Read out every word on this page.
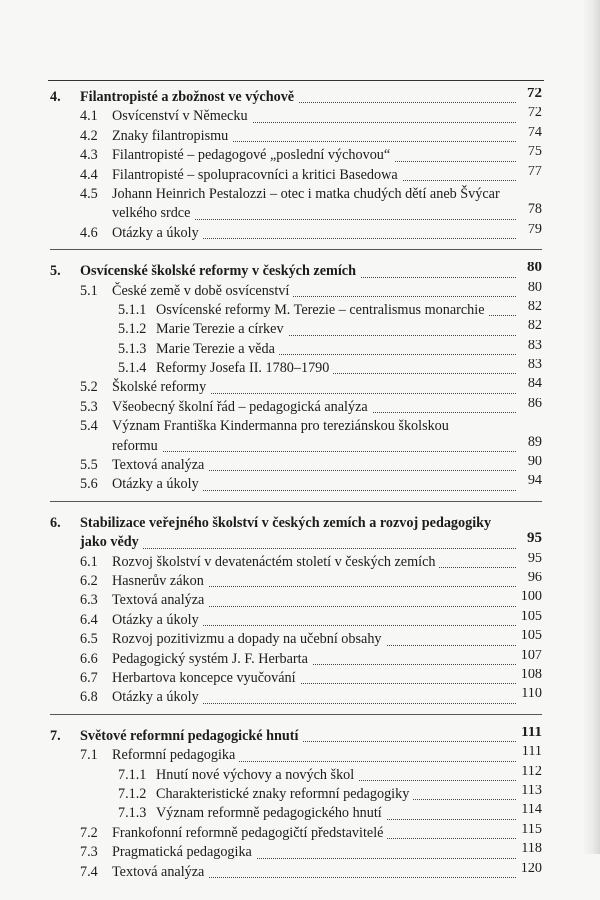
4. Filantropisté a zbožnost ve výchově	72
4.1 Osvícenství v Německu	72
4.2 Znaky filantropismu	74
4.3 Filantropisté – pedagogové „poslední výchovou“	75
4.4 Filantropisté – spolupracovníci a kritici Basedowa	77
4.5 Johann Heinrich Pestalozzi – otec i matka chudých dětí aneb Švýcar
velkého srdce	78
4.6 Otázky a úkoly	79
5. Osvícenské školské reformy v českých zemích	80
5.1 České země v době osvícenství	80
5.1.1 Osvícenské reformy M. Terezie – centralismus monarchie	82
5.1.2 Marie Terezie a církev	82
5.1.3 Marie Terezie a věda	83
5.1.4 Reformy Josefa II. 1780–1790	83
5.2 Školské reformy	84
5.3 Všeobecný školní řád – pedagogická analýza	86
5.4 Význam Františka Kindermanna pro tereziánskou školskou
reformu	89
5.5 Textová analýza	90
5.6 Otázky a úkoly	94
6. Stabilizace veřejného školství v českých zemích a rozvoj pedagogiky
jako vědy	95
6.1 Rozvoj školství v devatenáctém století v českých zemích	95
6.2 Hasnerův zákon	96
6.3 Textová analýza	100
6.4 Otázky a úkoly	105
6.5 Rozvoj pozitivizmu a dopady na učební obsahy	105
6.6 Pedagogický systém J. F. Herbarta	107
6.7 Herbartova koncepce vyučování	108
6.8 Otázky a úkoly	110
7. Světové reformní pedagogické hnutí	111
7.1 Reformní pedagogika	111
7.1.1 Hnutí nové výchovy a nových škol	112
7.1.2 Charakteristické znaky reformní pedagogiky	113
7.1.3 Význam reformně pedagogického hnutí	114
7.2 Frankofonní reformně pedagogičtí představitelé	115
7.3 Pragmatická pedagogika	118
7.4 Textová analýza	120
